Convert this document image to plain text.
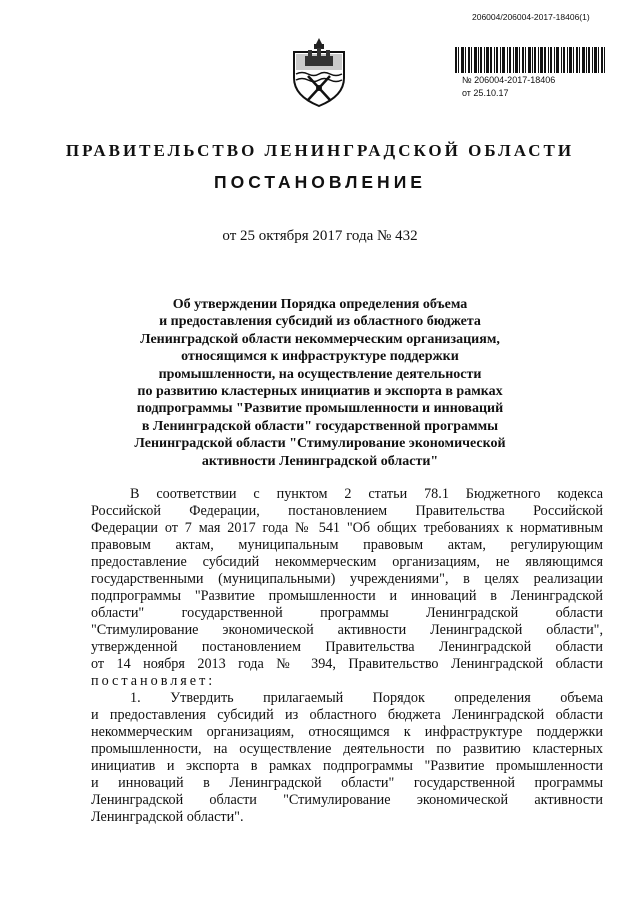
206004/206004-2017-18406(1)
№ 206004-2017-18406
от 25.10.17
ПРАВИТЕЛЬСТВО ЛЕНИНГРАДСКОЙ ОБЛАСТИ
ПОСТАНОВЛЕНИЕ
от 25 октября 2017 года № 432
Об утверждении Порядка определения объема
и предоставления субсидий из областного бюджета
Ленинградской области некоммерческим организациям,
относящимся к инфраструктуре поддержки
промышленности, на осуществление деятельности
по развитию кластерных инициатив и экспорта в рамках
подпрограммы "Развитие промышленности и инноваций
в Ленинградской области" государственной программы
Ленинградской области "Стимулирование экономической
активности Ленинградской области"
В соответствии с пунктом 2 статьи 78.1 Бюджетного кодекса
Российской Федерации, постановлением Правительства Российской
Федерации от 7 мая 2017 года № 541 "Об общих требованиях к нормативным
правовым актам, муниципальным правовым актам, регулирующим
предоставление субсидий некоммерческим организациям, не являющимся
государственными (муниципальными) учреждениями", в целях реализации
подпрограммы "Развитие промышленности и инноваций в Ленинградской
области" государственной программы Ленинградской области
"Стимулирование экономической активности Ленинградской области",
утвержденной постановлением Правительства Ленинградской области
от 14 ноября 2013 года № 394, Правительство Ленинградской области
постановляет:
1. Утвердить прилагаемый Порядок определения объема
и предоставления субсидий из областного бюджета Ленинградской области
некоммерческим организациям, относящимся к инфраструктуре поддержки
промышленности, на осуществление деятельности по развитию кластерных
инициатив и экспорта в рамках подпрограммы "Развитие промышленности
и инноваций в Ленинградской области" государственной программы
Ленинградской области "Стимулирование экономической активности
Ленинградской области".
